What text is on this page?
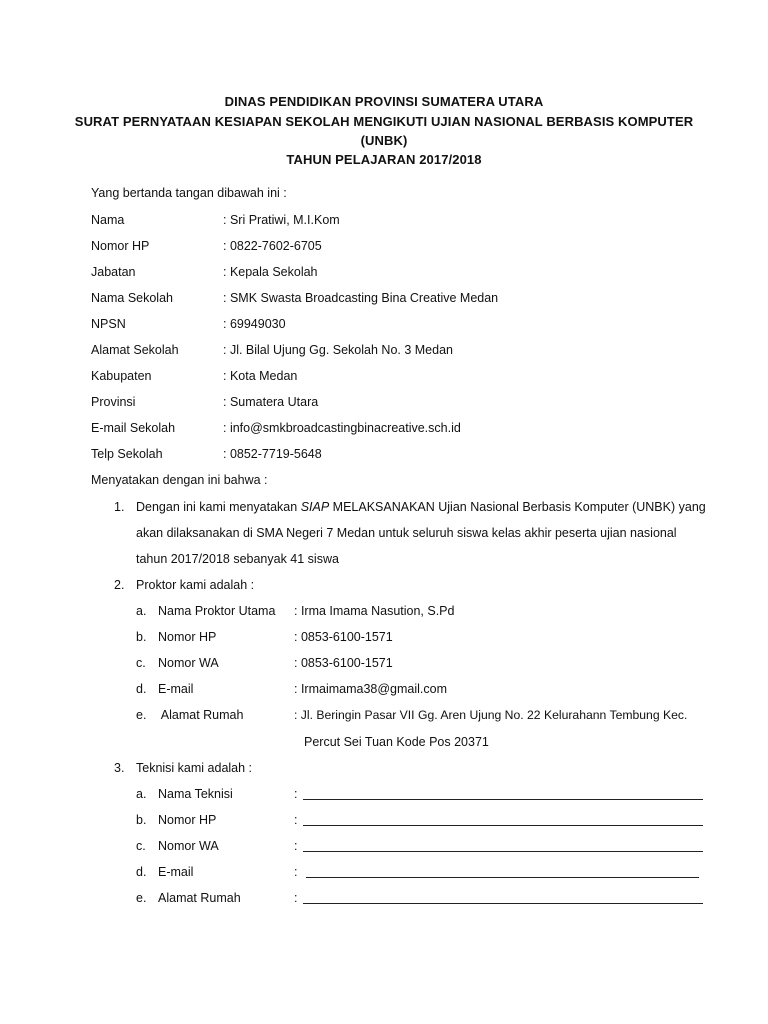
DINAS PENDIDIKAN PROVINSI SUMATERA UTARA
SURAT PERNYATAAN KESIAPAN SEKOLAH MENGIKUTI UJIAN NASIONAL BERBASIS KOMPUTER
(UNBK)
TAHUN PELAJARAN 2017/2018
Yang bertanda tangan dibawah ini :
Nama	: Sri Pratiwi, M.I.Kom
Nomor HP	: 0822-7602-6705
Jabatan	: Kepala Sekolah
Nama Sekolah	: SMK Swasta Broadcasting Bina Creative Medan
NPSN	: 69949030
Alamat Sekolah	: Jl. Bilal Ujung Gg. Sekolah No. 3 Medan
Kabupaten	: Kota Medan
Provinsi	: Sumatera Utara
E-mail Sekolah	: info@smkbroadcastingbinacreative.sch.id
Telp Sekolah	: 0852-7719-5648
Menyatakan dengan ini bahwa :
1. Dengan ini kami menyatakan SIAP MELAKSANAKAN Ujian Nasional Berbasis Komputer (UNBK) yang
akan dilaksanakan di SMA Negeri 7 Medan untuk seluruh siswa kelas akhir peserta ujian nasional
tahun 2017/2018 sebanyak 41 siswa
2. Proktor kami adalah :
a. Nama Proktor Utama : Irma Imama Nasution, S.Pd
b. Nomor HP	: 0853-6100-1571
c. Nomor WA	: 0853-6100-1571
d. E-mail	: Irmaimama38@gmail.com
e. Alamat Rumah	: Jl. Beringin Pasar VII Gg. Aren Ujung No. 22 Kelurahann Tembung Kec.
Percut Sei Tuan Kode Pos 20371
3. Teknisi kami adalah :
a. Nama Teknisi	:
b. Nomor HP	:
c. Nomor WA	:
d. E-mail	:
e. Alamat Rumah	:
